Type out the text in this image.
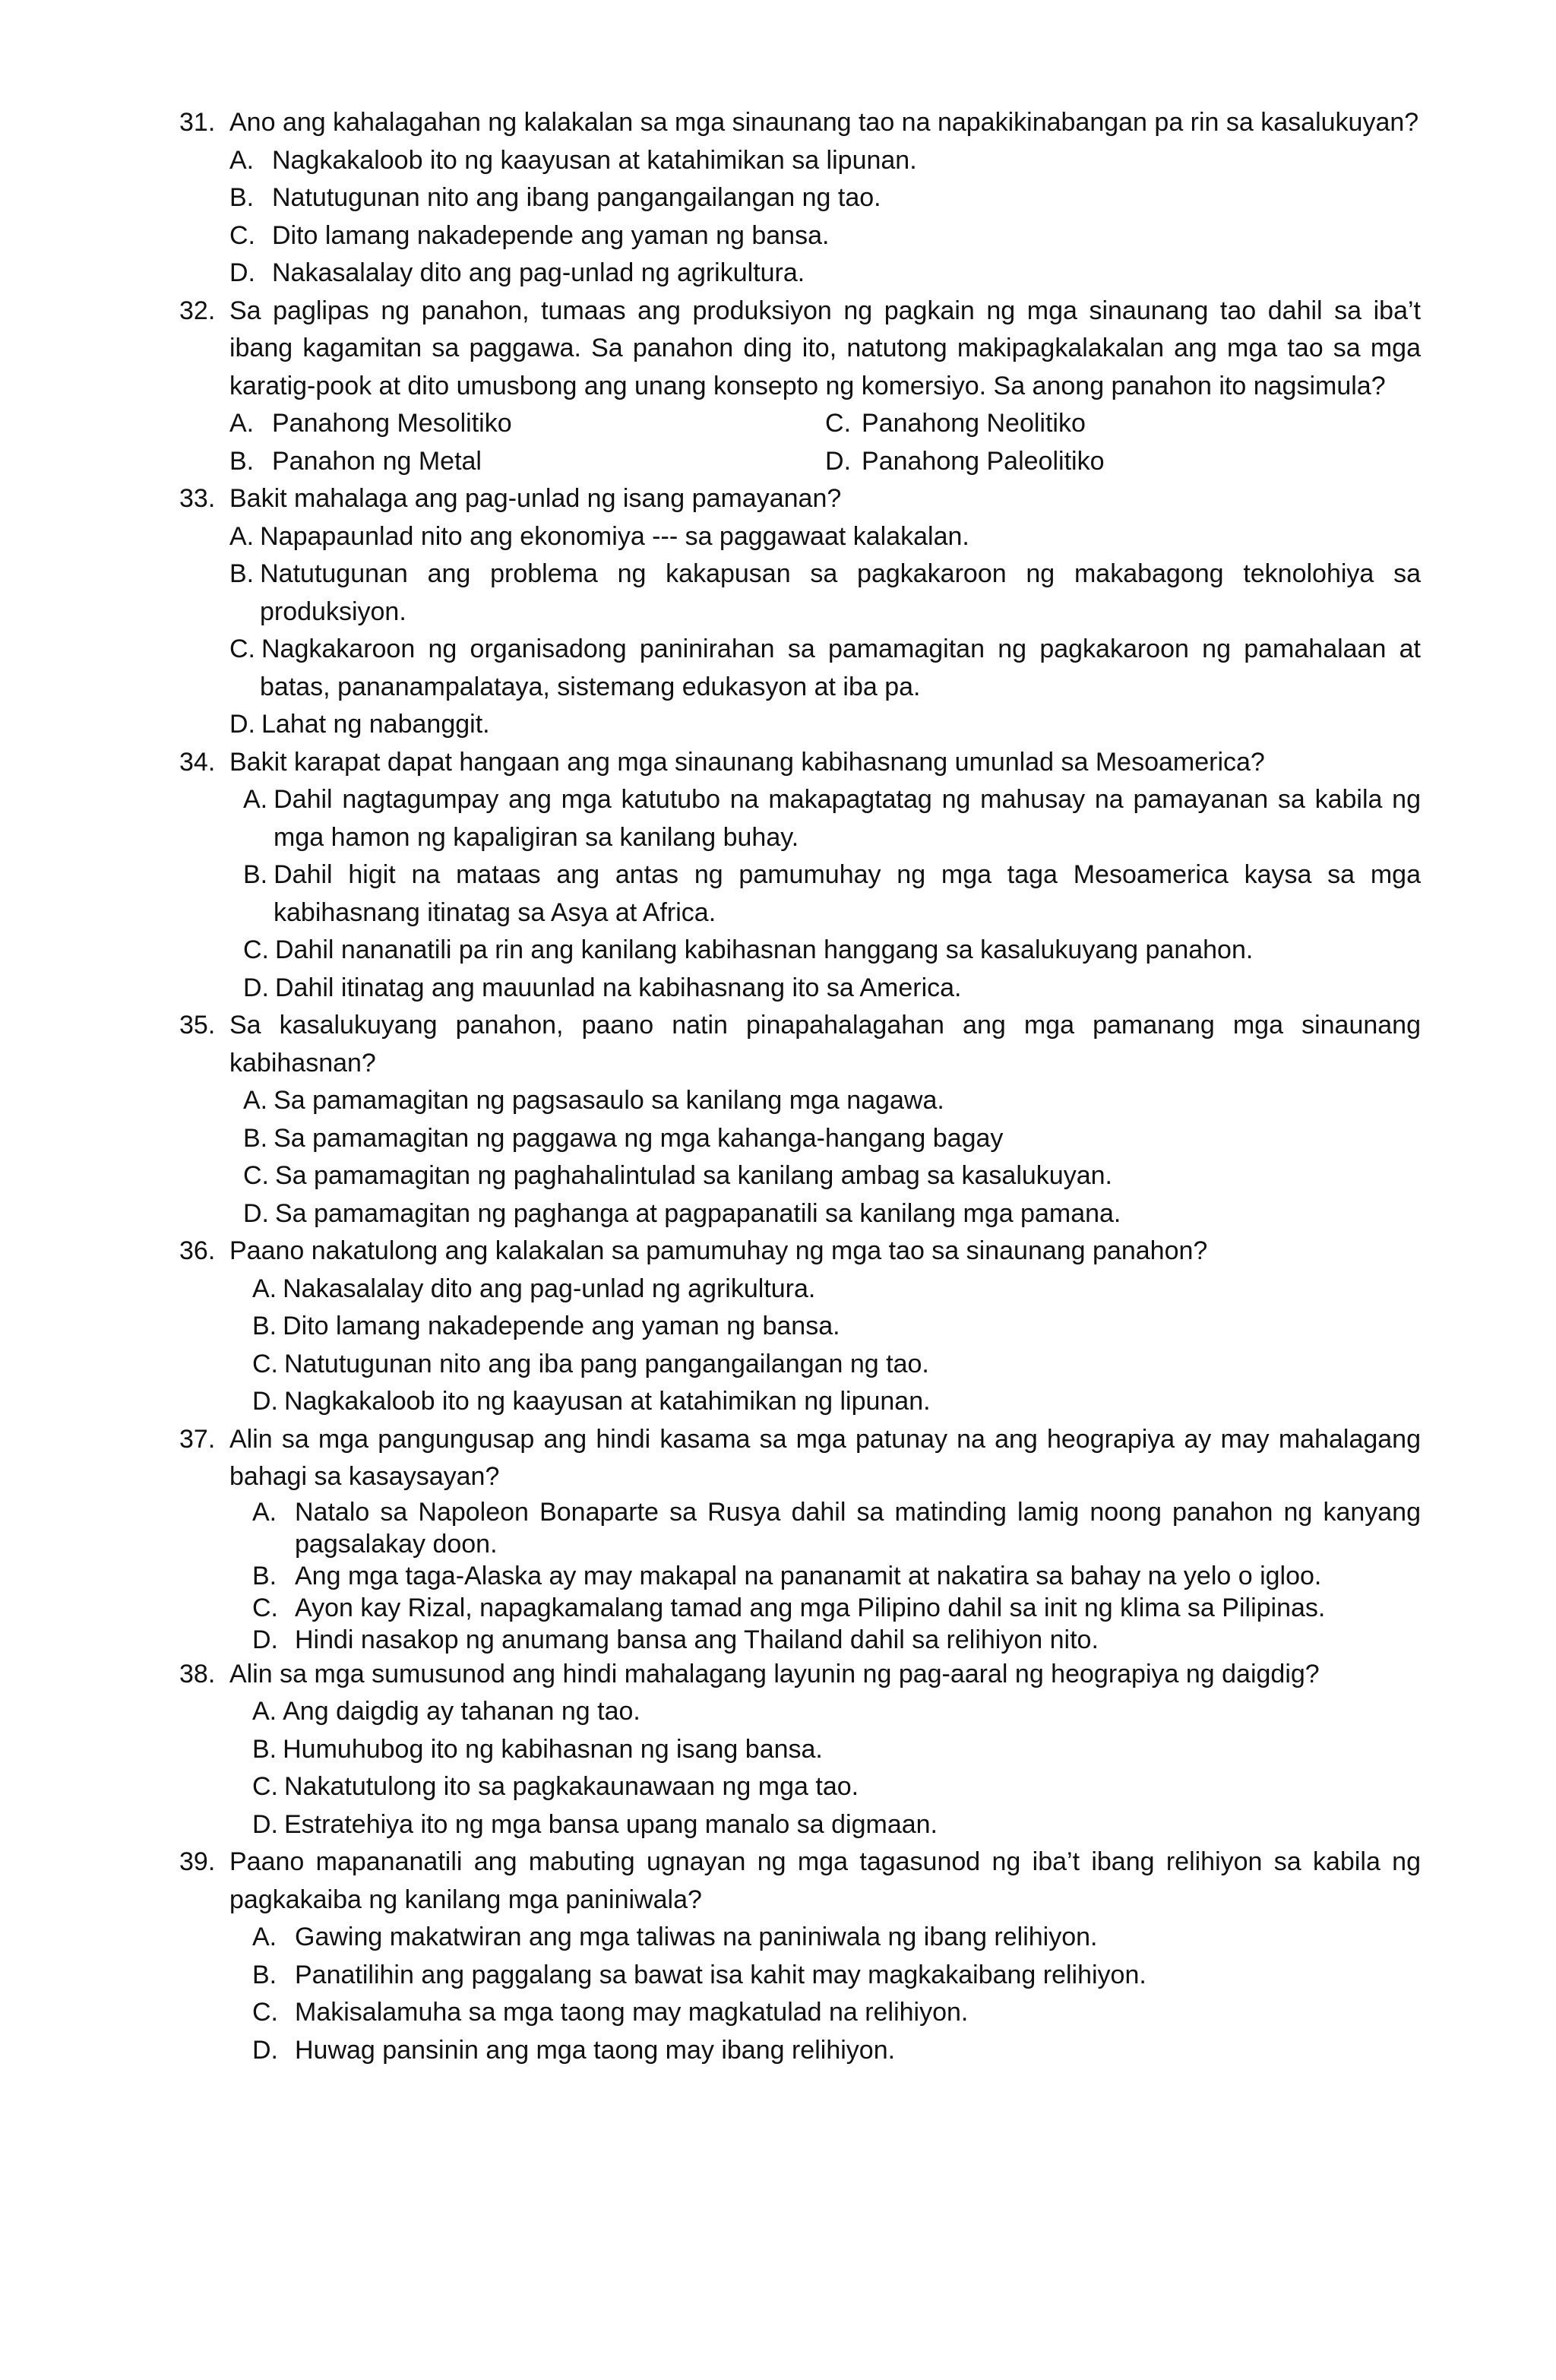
31. Ano ang kahalagahan ng kalakalan sa mga sinaunang tao na napakikinabangan pa rin sa kasalukuyan?
A. Nagkakaloob ito ng kaayusan at katahimikan sa lipunan.
B. Natutugunan nito ang ibang pangangailangan ng tao.
C. Dito lamang nakadepende ang yaman ng bansa.
D. Nakasalalay dito ang pag-unlad ng agrikultura.
32. Sa paglipas ng panahon, tumaas ang produksiyon ng pagkain ng mga sinaunang tao dahil sa iba’t ibang kagamitan sa paggawa. Sa panahon ding ito, natutong makipagkalakalan ang mga tao sa mga karatig-pook at dito umusbong ang unang konsepto ng komersiyo. Sa anong panahon ito nagsimula?
A. Panahong Mesolitiko	C. Panahong Neolitiko
B. Panahon ng Metal	D. Panahong Paleolitiko
33. Bakit mahalaga ang pag-unlad ng isang pamayanan?
A. Napapaunlad nito ang ekonomiya --- sa paggawaat kalakalan.
B. Natutugunan ang problema ng kakapusan sa pagkakaroon ng makabagong teknolohiya sa produksiyon.
C. Nagkakaroon ng organisadong paninirahan sa pamamagitan ng pagkakaroon ng pamahalaan at batas, pananampalataya, sistemang edukasyon at iba pa.
D. Lahat ng nabanggit.
34. Bakit karapat dapat hangaan ang mga sinaunang kabihasnang umunlad sa Mesoamerica?
A. Dahil nagtagumpay ang mga katutubo na makapagtatag ng mahusay na pamayanan sa kabila ng mga hamon ng kapaligiran sa kanilang buhay.
B. Dahil higit na mataas ang antas ng pamumuhay ng mga taga Mesoamerica kaysa sa mga kabihasnang itinatag sa Asya at Africa.
C. Dahil nananatili pa rin ang kanilang kabihasnan hanggang sa kasalukuyang panahon.
D. Dahil itinatag ang mauunlad na kabihasnang ito sa America.
35. Sa kasalukuyang panahon, paano natin pinapahalagahan ang mga pamanang mga sinaunang kabihasnan?
A. Sa pamamagitan ng pagsasaulo sa kanilang mga nagawa.
B. Sa pamamagitan ng paggawa ng mga kahanga-hangang bagay
C. Sa pamamagitan ng paghahalintulad sa kanilang ambag sa kasalukuyan.
D. Sa pamamagitan ng paghanga at pagpapanatili sa kanilang mga pamana.
36. Paano nakatulong ang kalakalan sa pamumuhay ng mga tao sa sinaunang panahon?
A. Nakasalalay dito ang pag-unlad ng agrikultura.
B. Dito lamang nakadepende ang yaman ng bansa.
C. Natutugunan nito ang iba pang pangangailangan ng tao.
D. Nagkakaloob ito ng kaayusan at katahimikan ng lipunan.
37. Alin sa mga pangungusap ang hindi kasama sa mga patunay na ang heograpiya ay may mahalagang bahagi sa kasaysayan?
A. Natalo sa Napoleon Bonaparte sa Rusya dahil sa matinding lamig noong panahon ng kanyang pagsalakay doon.
B. Ang mga taga-Alaska ay may makapal na pananamit at nakatira sa bahay na yelo o igloo.
C. Ayon kay Rizal, napagkamalang tamad ang mga Pilipino dahil sa init ng klima sa Pilipinas.
D. Hindi nasakop ng anumang bansa ang Thailand dahil sa relihiyon nito.
38. Alin sa mga sumusunod ang hindi mahalagang layunin ng pag-aaral ng heograpiya ng daigdig?
A. Ang daigdig ay tahanan ng tao.
B. Humuhubog ito ng kabihasnan ng isang bansa.
C. Nakatutulong ito sa pagkakaunawaan ng mga tao.
D. Estratehiya ito ng mga bansa upang manalo sa digmaan.
39. Paano mapananatili ang mabuting ugnayan ng mga tagasunod ng iba’t ibang relihiyon sa kabila ng pagkakaiba ng kanilang mga paniniwala?
A. Gawing makatwiran ang mga taliwas na paniniwala ng ibang relihiyon.
B. Panatilihin ang paggalang sa bawat isa kahit may magkakaibang relihiyon.
C. Makisalamuha sa mga taong may magkatulad na relihiyon.
D. Huwag pansinin ang mga taong may ibang relihiyon.
